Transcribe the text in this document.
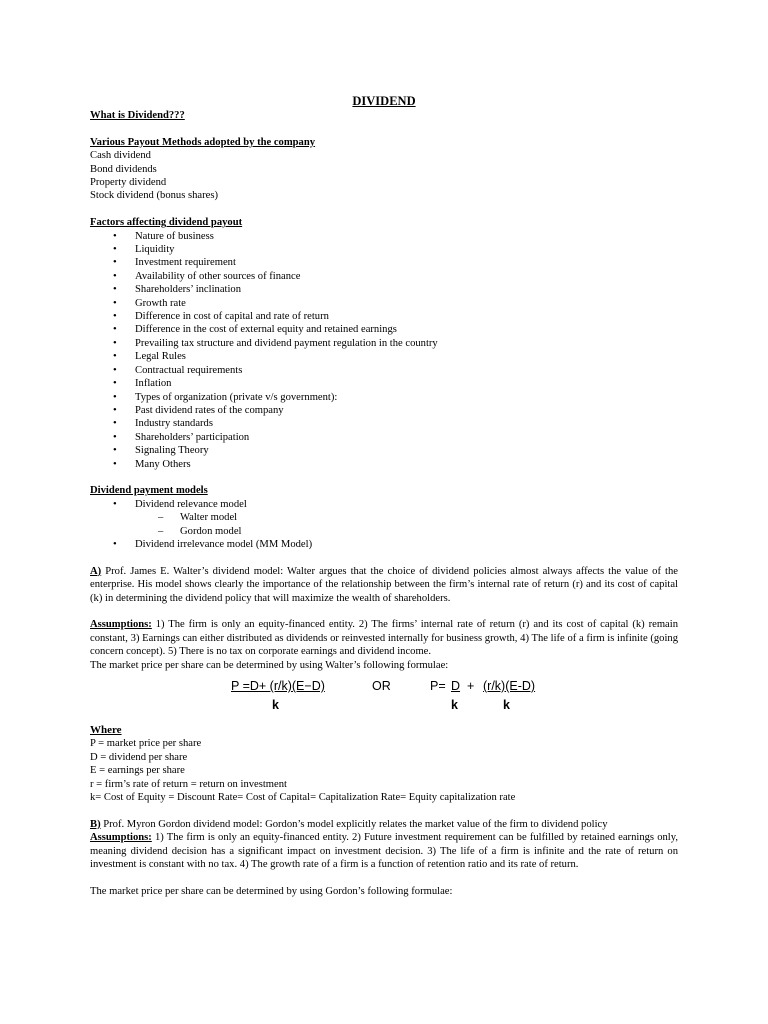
DIVIDEND
What is Dividend???
Various Payout Methods adopted by the company
Cash dividend
Bond dividends
Property dividend
Stock dividend (bonus shares)
Factors affecting dividend payout
• Nature of business
• Liquidity
• Investment requirement
• Availability of other sources of finance
• Shareholders’ inclination
• Growth rate
• Difference in cost of capital and rate of return
• Difference in the cost of external equity and retained earnings
• Prevailing tax structure and dividend payment regulation in the country
• Legal Rules
• Contractual requirements
• Inflation
• Types of organization (private v/s government):
• Past dividend rates of the company
• Industry standards
• Shareholders’ participation
• Signaling Theory
• Many Others
Dividend payment models
• Dividend relevance model
– Walter model
– Gordon model
• Dividend irrelevance model (MM Model)
A) Prof. James E. Walter’s dividend model: Walter argues that the choice of dividend policies almost always affects the value of the enterprise. His model shows clearly the importance of the relationship between the firm’s internal rate of return (r) and its cost of capital (k) in determining the dividend policy that will maximize the wealth of shareholders.
Assumptions: 1) The firm is only an equity-financed entity. 2) The firms’ internal rate of return (r) and its cost of capital (k) remain constant, 3) Earnings can either distributed as dividends or reinvested internally for business growth, 4) The life of a firm is infinite (going concern concept). 5) There is no tax on corporate earnings and dividend income.
The market price per share can be determined by using Walter’s following formulae:
P =D+ (r/k)(E−D)
k
OR	P= D + (r/k)(E-D)
k	k
Where
P = market price per share
D = dividend per share
E = earnings per share
r = firm’s rate of return = return on investment
k= Cost of Equity = Discount Rate= Cost of Capital= Capitalization Rate= Equity capitalization rate
B) Prof. Myron Gordon dividend model: Gordon’s model explicitly relates the market value of the firm to dividend policy
Assumptions: 1) The firm is only an equity-financed entity. 2) Future investment requirement can be fulfilled by retained earnings only, meaning dividend decision has a significant impact on investment decision. 3) The life of a firm is infinite and the rate of return on investment is constant with no tax. 4) The growth rate of a firm is a function of retention ratio and its rate of return.
The market price per share can be determined by using Gordon’s following formulae:
